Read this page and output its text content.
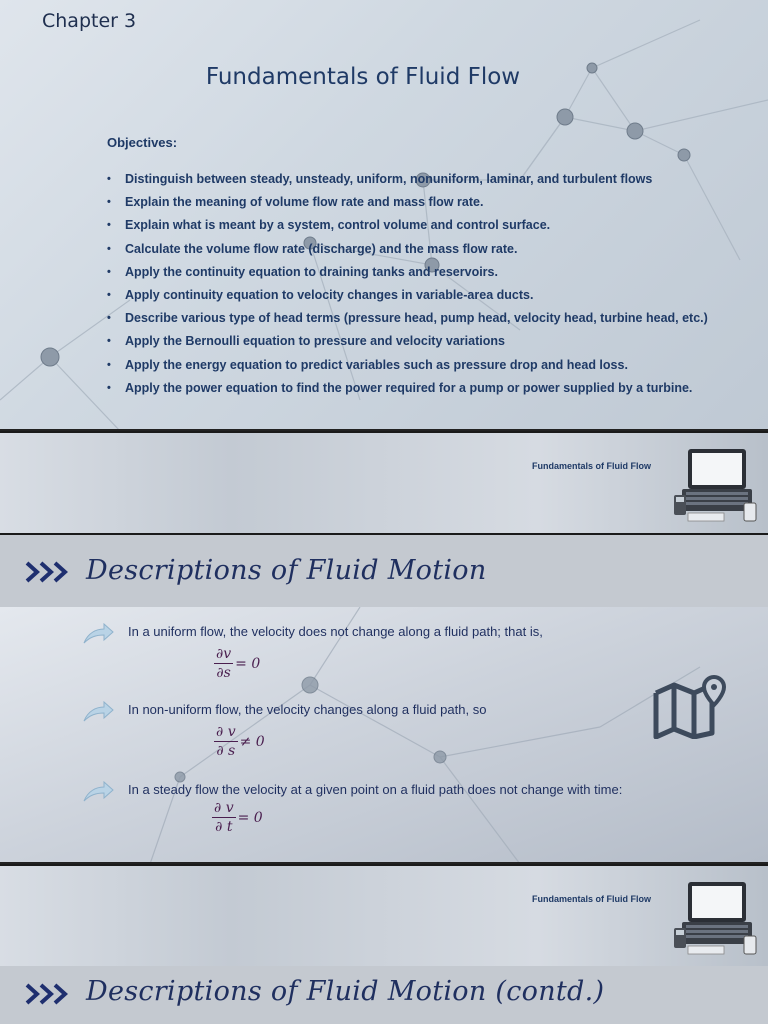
Chapter 3
Fundamentals of Fluid Flow
Objectives:
• Distinguish between steady, unsteady, uniform, nonuniform, laminar, and turbulent flows
• Explain the meaning of volume flow rate and mass flow rate.
• Explain what is meant by a system, control volume and control surface.
• Calculate the volume flow rate (discharge) and the mass flow rate.
• Apply the continuity equation to draining tanks and reservoirs.
• Apply continuity equation to velocity changes in variable-area ducts.
• Describe various type of head terms (pressure head, pump head, velocity head, turbine head, etc.)
• Apply the Bernoulli equation to pressure and velocity variations
• Apply the energy equation to predict variables such as pressure drop and head loss.
• Apply the power equation to find the power required for a pump or power supplied by a turbine.
Fundamentals of Fluid Flow
Descriptions of Fluid Motion
In a uniform flow, the velocity does not change along a fluid path; that is,
$\frac{\partial v}{\partial s} = 0$
In non-uniform flow, the velocity changes along a fluid path, so
$\frac{\partial v}{\partial s} \ne 0$
In a steady flow the velocity at a given point on a fluid path does not change with time:
$\frac{\partial v}{\partial t} = 0$
Fundamentals of Fluid Flow
Descriptions of Fluid Motion (contd.)
